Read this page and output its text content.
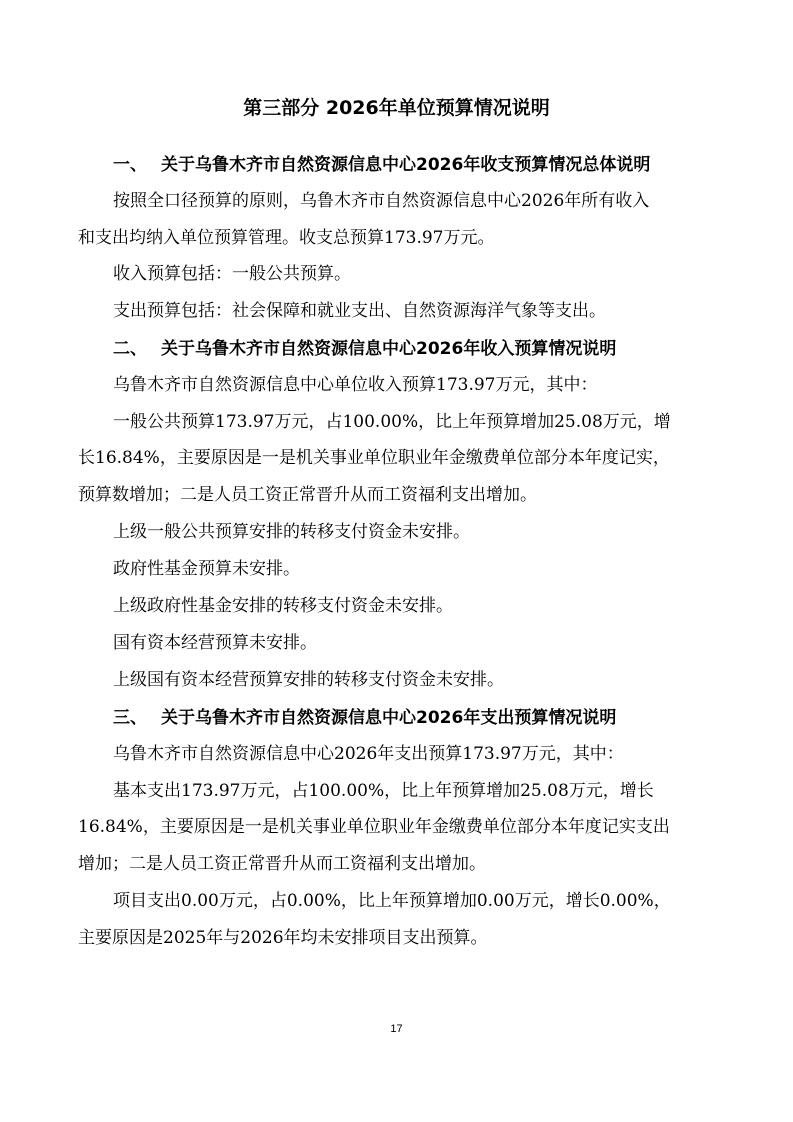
第三部分 2026年单位预算情况说明
一、 关于乌鲁木齐市自然资源信息中心2026年收支预算情况总体说明
按照全口径预算的原则，乌鲁木齐市自然资源信息中心2026年所有收入
和支出均纳入单位预算管理。收支总预算173.97万元。
收入预算包括：一般公共预算。
支出预算包括：社会保障和就业支出、自然资源海洋气象等支出。
二、 关于乌鲁木齐市自然资源信息中心2026年收入预算情况说明
乌鲁木齐市自然资源信息中心单位收入预算173.97万元，其中：
一般公共预算173.97万元，占100.00%，比上年预算增加25.08万元，增
长16.84%，主要原因是一是机关事业单位职业年金缴费单位部分本年度记实，
预算数增加；二是人员工资正常晋升从而工资福利支出增加。
上级一般公共预算安排的转移支付资金未安排。
政府性基金预算未安排。
上级政府性基金安排的转移支付资金未安排。
国有资本经营预算未安排。
上级国有资本经营预算安排的转移支付资金未安排。
三、 关于乌鲁木齐市自然资源信息中心2026年支出预算情况说明
乌鲁木齐市自然资源信息中心2026年支出预算173.97万元，其中：
基本支出173.97万元，占100.00%，比上年预算增加25.08万元，增长
16.84%，主要原因是一是机关事业单位职业年金缴费单位部分本年度记实支出
增加；二是人员工资正常晋升从而工资福利支出增加。
项目支出0.00万元，占0.00%，比上年预算增加0.00万元，增长0.00%，
主要原因是2025年与2026年均未安排项目支出预算。
17
